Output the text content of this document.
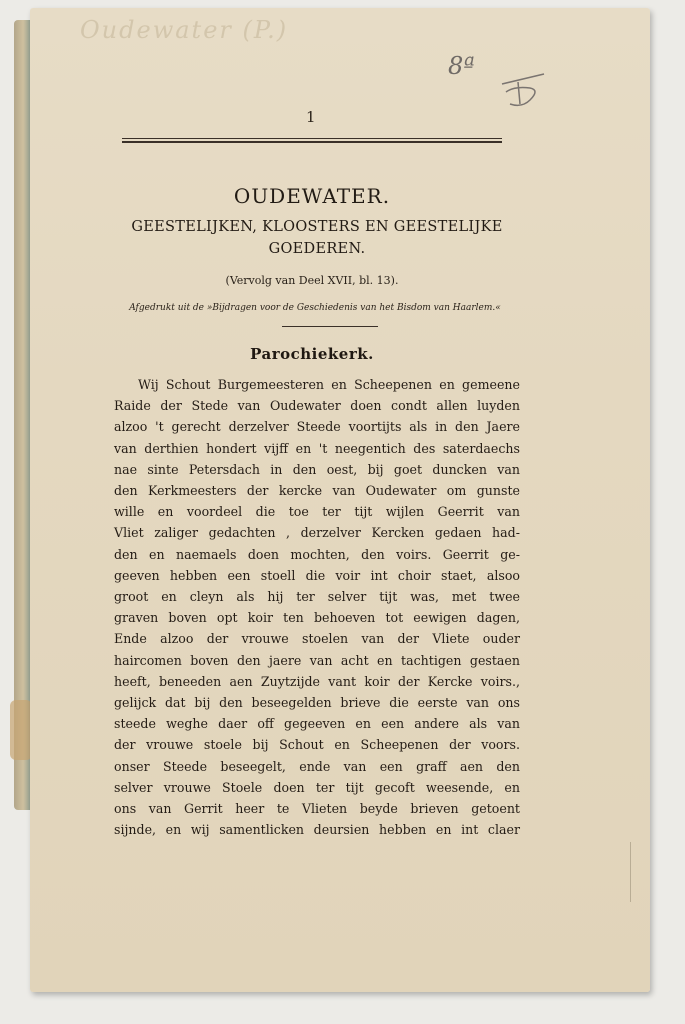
Oudewater (P.)
8ª
1
OUDEWATER.
GEESTELIJKEN, KLOOSTERS EN GEESTELIJKE
GOEDEREN.
(Vervolg van Deel XVII, bl. 13).
Afgedrukt uit de »Bijdragen voor de Geschiedenis van het Bisdom van Haarlem.«
Parochiekerk.
Wij Schout Burgemeesteren en Scheepenen en gemeene
Raide der Stede van Oudewater doen condt allen luyden
alzoo 't gerecht derzelver Steede voortijts als in den Jaere
van derthien hondert vijff en 't neegentich des saterdaechs
nae sinte Petersdach in den oest, bij goet duncken van
den Kerkmeesters der kercke van Oudewater om gunste
wille en voordeel die toe ter tijt wijlen Geerrit van
Vliet zaliger gedachten , derzelver Kercken gedaen had-
den en naemaels doen mochten, den voirs. Geerrit ge-
geeven hebben een stoell die voir int choir staet, alsoo
groot en cleyn als hij ter selver tijt was, met twee
graven boven opt koir ten behoeven tot eewigen dagen,
Ende alzoo der vrouwe stoelen van der Vliete ouder
haircomen boven den jaere van acht en tachtigen gestaen
heeft, beneeden aen Zuytzijde vant koir der Kercke voirs.,
gelijck dat bij den beseegelden brieve die eerste van ons
steede weghe daer off gegeeven en een andere als van
der vrouwe stoele bij Schout en Scheepenen der voors.
onser Steede beseegelt, ende van een graff aen den
selver vrouwe Stoele doen ter tijt gecoft weesende, en
ons van Gerrit heer te Vlieten beyde brieven getoent
sijnde, en wij samentlicken deursien hebben en int claer
